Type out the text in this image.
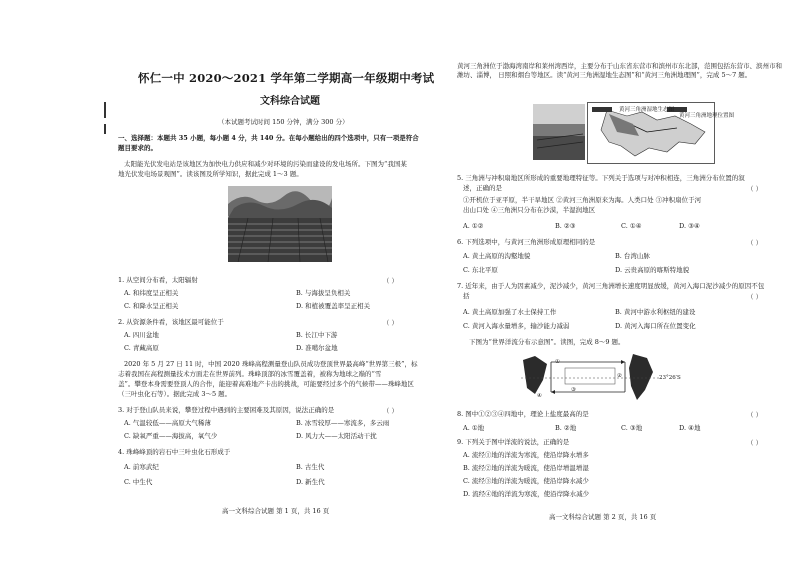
怀仁一中 2020～2021 学年第二学期高一年级期中考试
文科综合试题
（本试题考试时间 150 分钟，满分 300 分）
一、选择题：本题共 35 小题，每小题 4 分，共 140 分。在每小题给出的四个选项中，只有一项是符合
题目要求的。
太阳能光伏发电站是该地区为加快电力供应和减少对环境的污染而建设的发电场所。下图为“我国某
地光伏发电场景观图”。读该图及所学知识，据此完成 1～3 题。
1. 从空间分布看，太阳辐射	（ ）
A. 和纬度呈正相关	B. 与海拔呈负相关
C. 和降水呈正相关	D. 和植被覆盖率呈正相关
2. 从资源条件看，该地区最可能位于	（ ）
A. 四川盆地	B. 长江中下游
C. 青藏高原	D. 准噶尔盆地
2020 年 5 月 27 日 11 时，中国 2020 珠峰高程测量登山队员成功登顶世界最高峰“世界第三极”，标
志着我国在高程测量技术方面走在世界前列。珠峰顶部的冰雪覆盖着，被称为地球之巅的“雪
盖”。攀登本身需要登顶人的合作，能迎着高难地产卡出的挑战，可能要经过多个的气候带——珠峰地区
（三叶虫化石等）。据此完成 3～5 题。
3. 对于登山队员来说，攀登过程中遇到的主要困难及其原因，说法正确的是	（ ）
A. 气温较低——高原大气稀薄	B. 冰雪较厚——寒流多，多云雨
C. 缺氧严重——海拔高，氧气少	D. 风力大——太阳活动干扰
4. 珠峰峰顶的岩石中三叶虫化石形成于
A. 前寒武纪	B. 古生代
C. 中生代	D. 新生代
高一文科综合试题 第 1 页，共 16 页
黄河三角洲位于渤海湾南岸和莱州湾西岸，主要分布于山东省东营市和滨州市东北部，范围包括东营市、滨州市和潍坊、淄博， 日照和烟台等地区。读“黄河三角洲湿地生态图”和“黄河三角洲地理图”，完成 5～7 题。
黄河三角洲湿地生态图
黄河三角洲地理位置图
5. 三角洲与冲积扇地区所形成的重要地理特征等。下列关于选项与对冲积相连，三角洲分布位置的叙
述，正确的是	（ ）
①开机位于亚平原，半干旱地区 ②黄河三角洲原来为海。人类口处 ③冲积扇位于河
出山口处 ④三角洲只分布在沙漠，半湿润地区
A. ①②	B. ②③	C. ①④	D. ③④
6. 下列选项中，与黄河三角洲形成原理相同的是	（ ）
A. 黄土高原的沟壑地貌	B. 台湾山脉
C. 东北平原	D. 云贵高原的喀斯特地貌
7. 近年来，由于人为因素减少，泥沙减少，黄河三角洲增长速度明显放缓，黄河入海口泥沙减少的原因不包
括	（ ）
A. 黄土高原加强了水土保持工作	B. 黄河中游水利枢纽的建设
C. 黄河入海水量增多，输沙能力减弱	D. 黄河入海口所在位置变化
下图为“世界洋流分布示意图”。读图，完成 8～9 题。
①
②
③
④
23°26′S
8. 图中①②③④四地中，理论上盐度最高的是	（ ）
A. ①地	B. ②地	C. ③地	D. ④地
9. 下列关于图中洋流的说法，正确的是	（ ）
A. 流经①地的洋流为寒流，使沿岸降水增多
B. 流经②地的洋流为暖流，使沿岸增温增湿
C. 流经③地的洋流为暖流，使沿岸降水减少
D. 流经④地的洋流为寒流，使沿岸降水减少
高一文科综合试题 第 2 页，共 16 页
